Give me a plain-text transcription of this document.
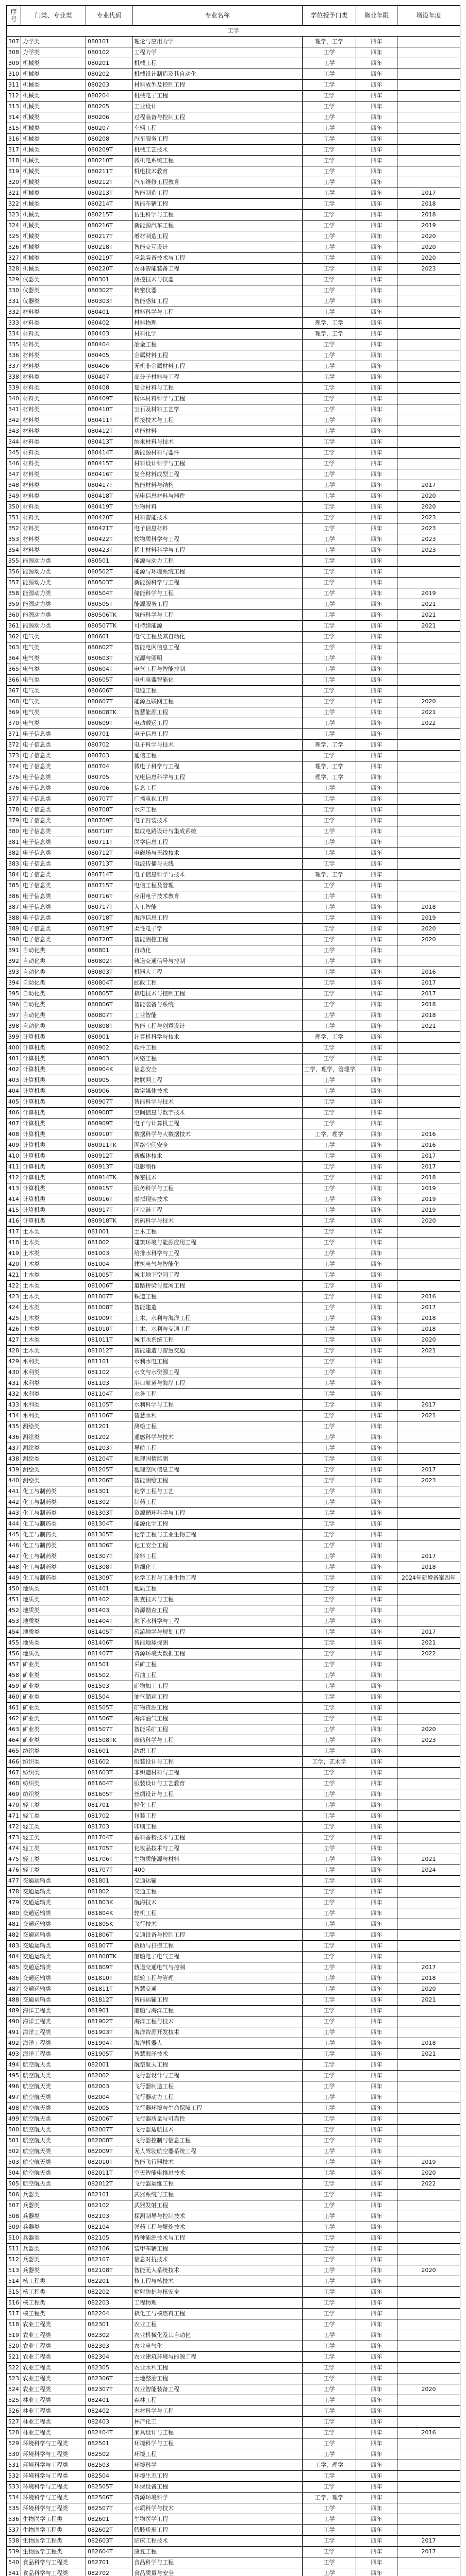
序号	门类、专业类	专业代码	专业名称	学位授予门类	修业年限	增设年度
工学						
307	力学类	080101	理论与应用力学	理学，工学	四年	
308	力学类	080102	工程力学	工学	四年	
309	机械类	080201	机械工程	工学	四年	
310	机械类	080202	机械设计制造及其自动化	工学	四年	
311	机械类	080203	材料成型及控制工程	工学	四年	
312	机械类	080204	机械电子工程	工学	四年	
313	机械类	080205	工业设计	工学	四年	
314	机械类	080206	过程装备与控制工程	工学	四年	
315	机械类	080207	车辆工程	工学	四年	
316	机械类	080208	汽车服务工程	工学	四年	
317	机械类	080209T	机械工艺技术	工学	四年	
318	机械类	080210T	微机电系统工程	工学	四年	
319	机械类	080211T	机电技术教育	工学	四年	
320	机械类	080212T	汽车维修工程教育	工学	四年	
321	机械类	080213T	智能制造工程	工学	四年	2017
322	机械类	080214T	智能车辆工程	工学	四年	2018
323	机械类	080215T	仿生科学与工程	工学	四年	2018
324	机械类	080216T	新能源汽车工程	工学	四年	2019
325	机械类	080217T	增材制造工程	工学	四年	2020
326	机械类	080218T	智能交互设计	工学	四年	2020
327	机械类	080219T	应急装备技术与工程	工学	四年	2020
328	机械类	080220T	农林智能装备工程	工学	四年	2023
329	仪器类	080301	测控技术与仪器	工学	四年	
330	仪器类	080302T	精密仪器	工学	四年	
331	仪器类	080303T	智能感知工程	工学	四年	
332	材料类	080401	材料科学与工程	工学	四年	
333	材料类	080402	材料物理	理学，工学	四年	
334	材料类	080403	材料化学	理学，工学	四年	
335	材料类	080404	冶金工程	工学	四年	
336	材料类	080405	金属材料工程	工学	四年	
337	材料类	080406	无机非金属材料工程	工学	四年	
338	材料类	080407	高分子材料与工程	工学	四年	
339	材料类	080408	复合材料与工程	工学	四年	
340	材料类	080409T	粉体材料科学与工程	工学	四年	
341	材料类	080410T	宝石及材料工艺学	工学	四年	
342	材料类	080411T	焊接技术与工程	工学	四年	
343	材料类	080412T	功能材料	工学	四年	
344	材料类	080413T	纳米材料与技术	工学	四年	
345	材料类	080414T	新能源材料与器件	工学	四年	
346	材料类	080415T	材料设计科学与工程	工学	四年	
347	材料类	080416T	复合材料成型工程	工学	四年	
348	材料类	080417T	智能材料与结构	工学	四年	2017
349	材料类	080418T	光电信息材料与器件	工学	四年	2020
350	材料类	080419T	生物材料	工学	四年	2020
351	材料类	080420T	材料智能技术	工学	四年	2023
352	材料类	080421T	电子信息材料	工学	四年	2023
353	材料类	080422T	软物质科学与工程	工学	四年	2023
354	材料类	080423T	稀土材料科学与工程	工学	四年	2023
355	能源动力类	080501	能源与动力工程	工学	四年	
356	能源动力类	080502T	能源与环境系统工程	工学	四年	
357	能源动力类	080503T	新能源科学与工程	工学	四年	
358	能源动力类	080504T	储能科学与工程	工学	四年	2019
359	能源动力类	080505T	能源服务工程	工学	四年	2021
360	能源动力类	080506TK	氢能科学与工程	工学	四年	2021
361	能源动力类	080507TK	可持续能源	工学	四年	2021
362	电气类	080601	电气工程及其自动化	工学	四年	
363	电气类	080602T	智能电网信息工程	工学	四年	
364	电气类	080603T	光源与照明	工学	四年	
365	电气类	080604T	电气工程与智能控制	工学	四年	
366	电气类	080605T	电机电器智能化	工学	四年	
367	电气类	080606T	电缆工程	工学	四年	
368	电气类	080607T	能源互联网工程	工学	四年	2020
369	电气类	080608TK	智慧能源工程	工学	四年	2021
370	电气类	080609T	电动载运工程	工学	四年	2022
371	电子信息类	080701	电子信息工程	工学	四年	
372	电子信息类	080702	电子科学与技术	理学，工学	四年	
373	电子信息类	080703	通信工程	工学	四年	
374	电子信息类	080704	微电子科学与工程	理学，工学	四年	
375	电子信息类	080705	光电信息科学与工程	理学，工学	四年	
376	电子信息类	080706	信息工程	工学	四年	
377	电子信息类	080707T	广播电视工程	工学	四年	
378	电子信息类	080708T	水声工程	工学	四年	
379	电子信息类	080709T	电子封装技术	工学	四年	
380	电子信息类	080710T	集成电路设计与集成系统	工学	四年	
381	电子信息类	080711T	医学信息工程	工学	四年	
382	电子信息类	080712T	电磁场与无线技术	工学	四年	
383	电子信息类	080713T	电波传播与天线	工学	四年	
384	电子信息类	080714T	电子信息科学与技术	理学，工学	四年	
385	电子信息类	080715T	电信工程及管理	工学	四年	
386	电子信息类	080716T	应用电子技术教育	工学	四年	
387	电子信息类	080717T	人工智能	工学	四年	2018
388	电子信息类	080718T	海洋信息工程	工学	四年	2019
389	电子信息类	080719T	柔性电子学	工学	四年	2020
390	电子信息类	080720T	智能测控工程	工学	四年	2020
391	自动化类	080801	自动化	工学	四年	
392	自动化类	080802T	轨道交通信号与控制	工学	四年	
393	自动化类	080803T	机器人工程	工学	四年	2016
394	自动化类	080804T	邮政工程	工学	四年	2017
395	自动化类	080805T	核电技术与控制工程	工学	四年	2017
396	自动化类	080806T	智能装备与系统	工学	四年	2018
397	自动化类	080807T	工业智能	工学	四年	2018
398	自动化类	080808T	智能工程与创意设计	工学	四年	2021
399	计算机类	080901	计算机科学与技术	理学，工学	四年	
400	计算机类	080902	软件工程	工学	四年	
401	计算机类	080903	网络工程	工学	四年	
402	计算机类	080904K	信息安全	工学，理学，管理学	四年	
403	计算机类	080905	物联网工程	工学	四年	
404	计算机类	080906	数字媒体技术	工学	四年	
405	计算机类	080907T	智能科学与技术	工学	四年	
406	计算机类	080908T	空间信息与数字技术	工学	四年	
407	计算机类	080909T	电子与计算机工程	工学	四年	
408	计算机类	080910T	数据科学与大数据技术	工学，理学	四年	2016
409	计算机类	080911TK	网络空间安全	工学	四年	2016
410	计算机类	080912T	新媒体技术	工学	四年	2017
411	计算机类	080913T	电影制作	工学	四年	2017
412	计算机类	080914TK	保密技术	工学	四年	2018
413	计算机类	080915T	服务科学与工程	工学	四年	2019
414	计算机类	080916T	虚拟现实技术	工学	四年	2019
415	计算机类	080917T	区块链工程	工学	四年	2019
416	计算机类	080918TK	密码科学与技术	工学	四年	2020
417	土木类	081001	土木工程	工学	四年	
418	土木类	081002	建筑环境与能源应用工程	工学	四年	
419	土木类	081003	给排水科学与工程	工学	四年	
420	土木类	081004	建筑电气与智能化	工学	四年	
421	土木类	081005T	城市地下空间工程	工学	四年	
422	土木类	081006T	道路桥梁与渡河工程	工学	四年	
423	土木类	081007T	铁道工程	工学	四年	2016
424	土木类	081008T	智能建造	工学	四年	2017
425	土木类	081009T	土木、水利与海洋工程	工学	四年	2018
426	土木类	081010T	土木、水利与交通工程	工学	四年	2018
427	土木类	081011T	城市水系统工程	工学	四年	2020
428	土木类	081012T	智能建造与智慧交通	工学	四年	2021
429	水利类	081101	水利水电工程	工学	四年	
430	水利类	081102	水文与水资源工程	工学	四年	
431	水利类	081103	港口航道与海岸工程	工学	四年	
432	水利类	081104T	水务工程	工学	四年	
433	水利类	081105T	水利科学与工程	工学	四年	2017
434	水利类	081106T	智慧水利	工学	四年	2021
435	测绘类	081201	测绘工程	工学	四年	
436	测绘类	081202	遥感科学与技术	工学	四年	
437	测绘类	081203T	导航工程	工学	四年	
438	测绘类	081204T	地理国情监测	工学	四年	
439	测绘类	081205T	地理空间信息工程	工学	四年	2017
440	测绘类	081206T	智能测绘工程	工学	四年	2023
441	化工与制药类	081301	化学工程与工艺	工学	四年	
442	化工与制药类	081302	制药工程	工学	四年	
443	化工与制药类	081303T	资源循环科学与工程	工学	四年	
444	化工与制药类	081304T	能源化学工程	工学	四年	
445	化工与制药类	081305T	化学工程与工业生物工程	工学	四年	
446	化工与制药类	081306T	化工安全工程	工学	四年	
447	化工与制药类	081307T	涂料工程	工学	四年	2017
448	化工与制药类	081308T	精细化工	工学	四年	2018
449	化工与制药类	081309T	化学工程与工业生物工程	工学	四年	2024年新增备案四年
450	地质类	081401	地质工程	工学	四年	
451	地质类	081402	勘查技术与工程	工学	四年	
452	地质类	081403	资源勘查工程	工学	四年	
453	地质类	081404T	地下水科学与工程	工学	四年	
454	地质类	081405T	旅游地学与规划工程	工学	四年	2017
455	地质类	081406T	智能地球探测	工学	四年	2021
456	地质类	081407T	资源环境大数据工程	工学	四年	2022
457	矿业类	081501	采矿工程	工学	四年	
458	矿业类	081502	石油工程	工学	四年	
459	矿业类	081503	矿物加工工程	工学	四年	
460	矿业类	081504	油气储运工程	工学	四年	
461	矿业类	081505T	矿物资源工程	工学	四年	
462	矿业类	081506T	海洋油气工程	工学	四年	
463	矿业类	081507T	智能采矿工程	工学	四年	2020
464	矿业类	081508TK	碳储科学与工程	工学	四年	2023
465	纺织类	081601	纺织工程	工学	四年	
466	纺织类	081602	服装设计与工程	工学，艺术学	四年	
467	纺织类	081603T	非织造材料与工程	工学	四年	
468	纺织类	081604T	服装设计与工艺教育	工学	四年	
469	纺织类	081605T	丝绸设计与工程	工学	四年	
470	轻工类	081701	轻化工程	工学	四年	
471	轻工类	081702	包装工程	工学	四年	
472	轻工类	081703	印刷工程	工学	四年	
473	轻工类	081704T	香料香精技术与工程	工学	四年	
474	轻工类	081705T	化妆品技术与工程	工学	四年	
475	轻工类	081706T	生物质能源与材料	工学	四年	2021
476	轻工类	081707T	400	工学	四年	2024
477	交通运输类	081801	交通运输	工学	四年	
478	交通运输类	081802	交通工程	工学	四年	
479	交通运输类	081803K	航海技术	工学	四年	
480	交通运输类	081804K	轮机工程	工学	四年	
481	交通运输类	081805K	飞行技术	工学	四年	
482	交通运输类	081806T	交通设备与控制工程	工学	四年	
483	交通运输类	081807T	救助与打捞工程	工学	四年	
484	交通运输类	081808TK	船舶电子电气工程	工学	四年	
485	交通运输类	081809T	轨道交通电气与控制	工学	四年	2017
486	交通运输类	081810T	邮轮工程与管理	工学	四年	2018
487	交通运输类	081811T	智慧交通	工学	四年	2020
488	交通运输类	081812T	智能运输工程	工学	四年	2021
489	海洋工程类	081901	船舶与海洋工程	工学	四年	
490	海洋工程类	081902T	海洋工程与技术	工学	四年	
491	海洋工程类	081903T	海洋资源开发技术	工学	四年	
492	海洋工程类	081904T	海洋机器人	工学	四年	2018
493	海洋工程类	081905T	智慧海洋技术	工学	四年	2021
494	航空航天类	082001	航空航天工程	工学	四年	
495	航空航天类	082002	飞行器设计与工程	工学	四年	
496	航空航天类	082003	飞行器制造工程	工学	四年	
497	航空航天类	082004	飞行器动力工程	工学	四年	
498	航空航天类	082005	飞行器环境与生命保障工程	工学	四年	
499	航空航天类	082006T	飞行器质量与可靠性	工学	四年	
500	航空航天类	082007T	飞行器适航技术	工学	四年	
501	航空航天类	082008T	飞行器控制与信息工程	工学	四年	
502	航空航天类	082009T	无人驾驶航空器系统工程	工学	四年	
503	航空航天类	082010T	智能飞行器技术	工学	四年	2019
504	航空航天类	082011T	空天智能电推进技术	工学	四年	2020
505	航空航天类	082012T	飞行器运维工程	工学	四年	2022
506	兵器类	082101	武器系统与工程	工学	四年	
507	兵器类	082102	武器发射工程	工学	四年	
508	兵器类	082103	探测制导与控制技术	工学	四年	
509	兵器类	082104	弹药工程与爆炸技术	工学	四年	
510	兵器类	082105	特种能源技术与工程	工学	四年	
511	兵器类	082106	装甲车辆工程	工学	四年	
512	兵器类	082107	信息对抗技术	工学	四年	
513	兵器类	082108T	智能无人系统技术	工学	四年	2020
514	核工程类	082201	核工程与核技术	工学	四年	
515	核工程类	082202	辐射防护与核安全	工学	四年	
516	核工程类	082203	工程物理	工学	四年	
517	核工程类	082204	核化工与核燃料工程	工学	四年	
518	农业工程类	082301	农业工程	工学	四年	
519	农业工程类	082302	农业机械化及其自动化	工学	四年	
520	农业工程类	082303	农业电气化	工学	四年	
521	农业工程类	082304	农业建筑环境与能源工程	工学	四年	
522	农业工程类	082305	农业水利工程	工学	四年	
523	农业工程类	082306T	土地整治工程	工学	四年	
524	农业工程类	082307T	农业智能装备工程	工学	四年	2020
525	林业工程类	082401	森林工程	工学	四年	
526	林业工程类	082402	木材科学与工程	工学	四年	
527	林业工程类	082403	林产化工	工学	四年	
528	林业工程类	082404T	家具设计与工程	工学	四年	2016
529	环境科学与工程类	082501	环境科学与工程	工学	四年	
530	环境科学与工程类	082502	环境工程	工学	四年	
531	环境科学与工程类	082503	环境科学	工学，理学	四年	
532	环境科学与工程类	082504	环境生态工程	工学	四年	
533	环境科学与工程类	082505T	环保设备工程	工学	四年	
534	环境科学与工程类	082506T	资源环境科学	工学，理学	四年	
535	环境科学与工程类	082507T	水质科学与技术	工学	四年	
536	生物医学工程类	082601	生物医学工程	工学	四年	
537	生物医学工程类	082602T	假肢矫形工程	工学	四年	
538	生物医学工程类	082603T	临床工程技术	工学	四年	2017
539	生物医学工程类	082604T	康复工程	工学	四年	2017
540	食品科学与工程类	082701	食品科学与工程	工学	四年	
541	食品科学与工程类	082702	食品质量与安全	工学	四年	
